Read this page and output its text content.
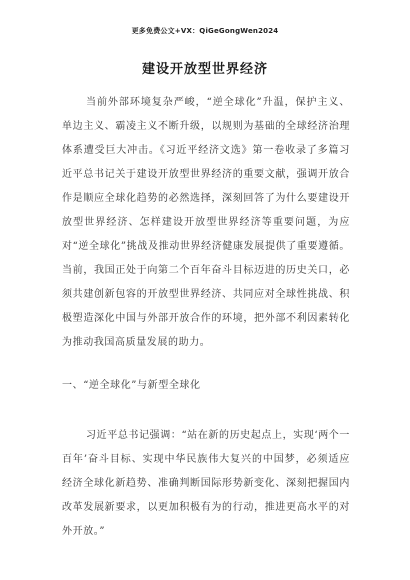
更多免费公文+VX：QiGeGongWen2024
建设开放型世界经济
当前外部环境复杂严峻，“逆全球化”升温，保护主义、单边主义、霸凌主义不断升级，以规则为基础的全球经济治理体系遭受巨大冲击。《习近平经济文选》第一卷收录了多篇习近平总书记关于建设开放型世界经济的重要文献，强调开放合作是顺应全球化趋势的必然选择，深刻回答了为什么要建设开放型世界经济、怎样建设开放型世界经济等重要问题，为应对“逆全球化”挑战及推动世界经济健康发展提供了重要遵循。当前，我国正处于向第二个百年奋斗目标迈进的历史关口，必须共建创新包容的开放型世界经济、共同应对全球性挑战、积极塑造深化中国与外部开放合作的环境，把外部不利因素转化为推动我国高质量发展的助力。
一、“逆全球化”与新型全球化
习近平总书记强调：“站在新的历史起点上，实现‘两个一百年’奋斗目标、实现中华民族伟大复兴的中国梦，必须适应经济全球化新趋势、准确判断国际形势新变化、深刻把握国内改革发展新要求，以更加积极有为的行动，推进更高水平的对外开放。”
